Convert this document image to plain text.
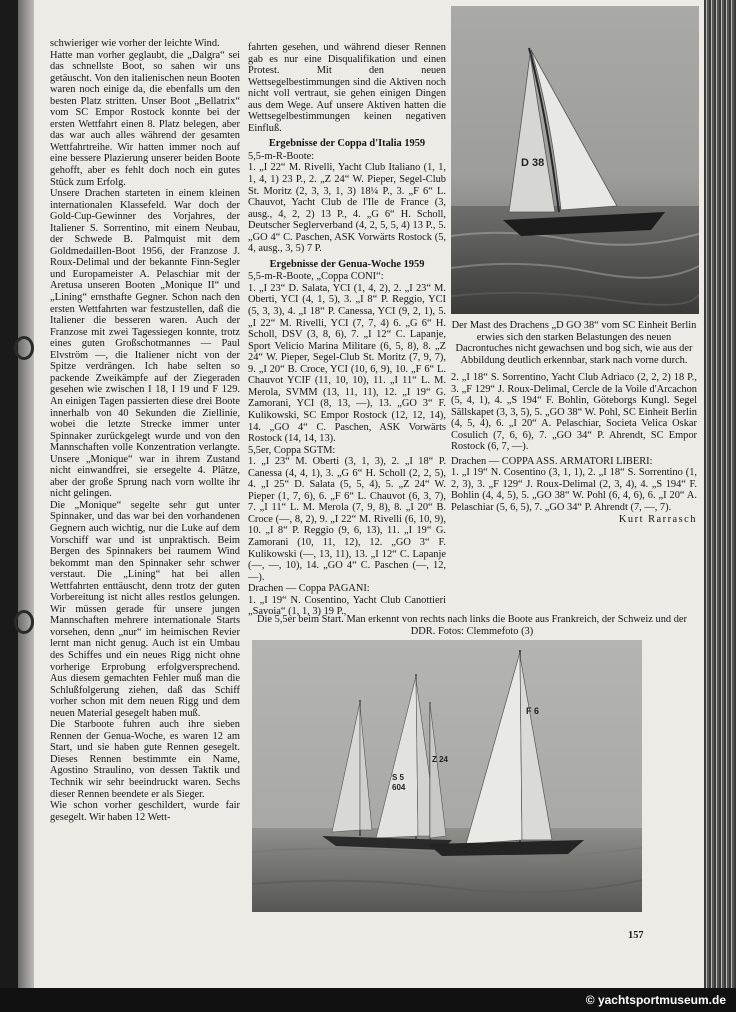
schwieriger wie vorher der leichte Wind.

Hatte man vorher geglaubt, die „Dalgra“ sei das schnellste Boot, so sahen wir uns getäuscht. Von den italienischen neun Booten waren noch einige da, die ebenfalls um den besten Platz stritten. Unser Boot „Bellatrix“ vom SC Empor Rostock konnte bei der ersten Wettfahrt einen 8. Platz belegen, aber das war auch alles während der gesamten Wettfahrtreihe. Wir hatten immer noch auf eine bessere Plazierung unserer beiden Boote gehofft, aber es fehlt doch noch ein gutes Stück zum Erfolg.

Unsere Drachen starteten in einem kleinen internationalen Klassefeld. War doch der Gold-Cup-Gewinner des Vorjahres, der Italiener S. Sorrentino, mit einem Neubau, der Schwede B. Palmquist mit dem Goldmedaillen-Boot 1956, der Franzose J. Roux-Delimal und der bekannte Finn-Segler und Europameister A. Pelaschiar mit der Aretusa unseren Booten „Monique II“ und „Lining“ ernsthafte Gegner. Schon nach den ersten Wettfahrten war festzustellen, daß die Italiener die besseren waren. Auch der Franzose mit zwei Tagessiegen konnte, trotz eines guten Großschotmannes — Paul Elvström —, die Italiener nicht von der Spitze verdrängen. Ich habe selten so packende Zweikämpfe auf der Ziegeraden gesehen wie zwischen I 18, I 19 und F 129. An einigen Tagen passierten diese drei Boote innerhalb von 40 Sekunden die Ziellinie, wobei die letzte Strecke immer unter Spinnaker zurückgelegt wurde und von den Mannschaften volle Konzentration verlangte. Unsere „Monique“ war in ihrem Zustand nicht einwandfrei, sie ersegelte 4. Plätze, aber der große Sprung nach vorn wollte ihr nicht gelingen.

Die „Monique“ segelte sehr gut unter Spinnaker, und das war bei den vorhandenen Gegnern auch wichtig, nur die Luke auf dem Vorschiff war und ist unpraktisch. Beim Bergen des Spinnakers bei raumem Wind bekommt man den Spinnaker sehr schwer verstaut. Die „Lining“ hat bei allen Wettfahrten enttäuscht, denn trotz der guten Vorbereitung ist nicht alles restlos gelungen. Wir müssen gerade für unsere jungen Mannschaften mehrere internationale Starts vorsehen, denn „nur“ im heimischen Revier lernt man nicht genug. Auch ist ein Umbau des Schiffes und ein neues Rigg nicht ohne vorherige Erprobung erfolgversprechend. Aus diesem gemachten Fehler muß man die Schlußfolgerung ziehen, daß das Schiff vorher schon mit dem neuen Rigg und dem neuen Material gesegelt haben muß.

Die Starboote fuhren auch ihre sieben Rennen der Genua-Woche, es waren 12 am Start, und sie haben gute Rennen gesegelt. Dieses Rennen bestimmte ein Name, Agostino Straulino, von dessen Taktik und Technik wir sehr beeindruckt waren. Sechs dieser Rennen beendete er als Sieger.

Wie schon vorher geschildert, wurde fair gesegelt. Wir haben 12 Wett-

fahrten gesehen, und während dieser Rennen gab es nur eine Disqualifikation und einen Protest. Mit den neuen Wettsegelbestimmungen sind die Aktiven noch nicht voll vertraut, sie gehen einigen Dingen aus dem Wege. Auf unsere Aktiven hatten die Wettsegelbestimmungen keinen negativen Einfluß.

Ergebnisse der Coppa d'Italia 1959

5,5-m-R-Boote:

1. „I 22“ M. Rivelli, Yacht Club Italiano (1, 1, 1, 4, 1) 23 P., 2. „Z 24“ W. Pieper, Segel-Club St. Moritz (2, 3, 3, 1, 3) 18¼ P., 3. „F 6“ L. Chauvot, Yacht Club de l'Ile de France (3, ausg., 4, 2, 2) 13 P., 4. „G 6“ H. Scholl, Deutscher Seglerverband (4, 2, 5, 5, 4) 13 P., 5. „GO 4“ C. Paschen, ASK Vorwärts Rostock (5, 4, ausg., 3, 5) 7 P.

Ergebnisse der Genua-Woche 1959

5,5-m-R-Boote, „Coppa CONI“:

1. „I 23“ D. Salata, YCI (1, 4, 2), 2. „I 23“ M. Oberti, YCI (4, 1, 5), 3. „I 8“ P. Reggio, YCI (5, 3, 3), 4. „I 18“ P. Canessa, YCI (9, 2, 1), 5. „I 22“ M. Rivelli, YCI (7, 7, 4) 6. „G 6“ H. Scholl, DSV (3, 8, 6), 7. „I 12“ C. Lapanje, Sport Velicio Marina Militare (6, 5, 8), 8. „Z 24“ W. Pieper, Segel-Club St. Moritz (7, 9, 7), 9. „I 20“ B. Croce, YCI (10, 6, 9), 10. „F 6“ L. Chauvot YCIF (11, 10, 10), 11. „I 11“ L. M. Merola, SVMM (13, 11, 11), 12. „I 19“ G. Zamorani, YCI (8, 13, —), 13. „GO 3“ F. Kulikowski, SC Empor Rostock (12, 12, 14), 14. „GO 4“ C. Paschen, ASK Vorwärts Rostock (14, 14, 13).

5,5er, Coppa SGTM:

1. „I 23“ M. Oberti (3, 1, 3), 2. „I 18“ P. Canessa (4, 4, 1), 3. „G 6“ H. Scholl (2, 2, 5), 4. „I 25“ D. Salata (5, 5, 4), 5. „Z 24“ W. Pieper (1, 7, 6), 6. „F 6“ L. Chauvot (6, 3, 7), 7. „I 11“ L. M. Merola (7, 9, 8), 8. „I 20“ B. Croce (—, 8, 2), 9. „I 22“ M. Rivelli (6, 10, 9), 10. „I 8“ P. Reggio (9, 6, 13), 11. „I 19“ G. Zamorani (10, 11, 12), 12. „GO 3“ F. Kulikowski (—, 13, 11), 13. „I 12“ C. Lapanje (—, —, 10), 14. „GO 4“ C. Paschen (—, 12, —).

Drachen — Coppa PAGANI:

1. „I 19“ N. Cosentino, Yacht Club Canottieri „Savoia“ (1, 1, 3) 19 P.,

D 38
Der Mast des Drachens „D GO 38“ vom SC Einheit Berlin erwies sich den starken Belastungen des neuen Dacrontuches nicht gewachsen und bog sich, wie aus der Abbildung deutlich erkennbar, stark nach vorne durch.

2. „I 18“ S. Sorrentino, Yacht Club Adriaco (2, 2, 2) 18 P., 3. „F 129“ J. Roux-Delimal, Cercle de la Voile d'Arcachon (5, 4, 1), 4. „S 194“ F. Bohlin, Göteborgs Kungl. Segel Sällskapet (3, 3, 5), 5. „GO 38“ W. Pohl, SC Einheit Berlin (4, 5, 4), 6. „I 20“ A. Pelaschiar, Societa Velica Oskar Cosulich (7, 6, 6), 7. „GO 34“ P. Ahrendt, SC Empor Rostock (6, 7, —).

Drachen — COPPA ASS. ARMATORI LIBERI:

1. „I 19“ N. Cosentino (3, 1, 1), 2. „I 18“ S. Sorrentino (1, 2, 3), 3. „F 129“ J. Roux-Delimal (2, 3, 4), 4. „S 194“ F. Bohlin (4, 4, 5), 5. „GO 38“ W. Pohl (6, 4, 6), 6. „I 20“ A. Pelaschiar (5, 6, 5), 7. „GO 34“ P. Ahrendt (7, —, 7).

Kurt Rarrasch

Die 5,5er beim Start. Man erkennt von rechts nach links die Boote aus Frankreich, der Schweiz und der DDR. Fotos: Clemmefoto (3)
S 5
604
Z 24
F 6
157
© yachtsportmuseum.de
